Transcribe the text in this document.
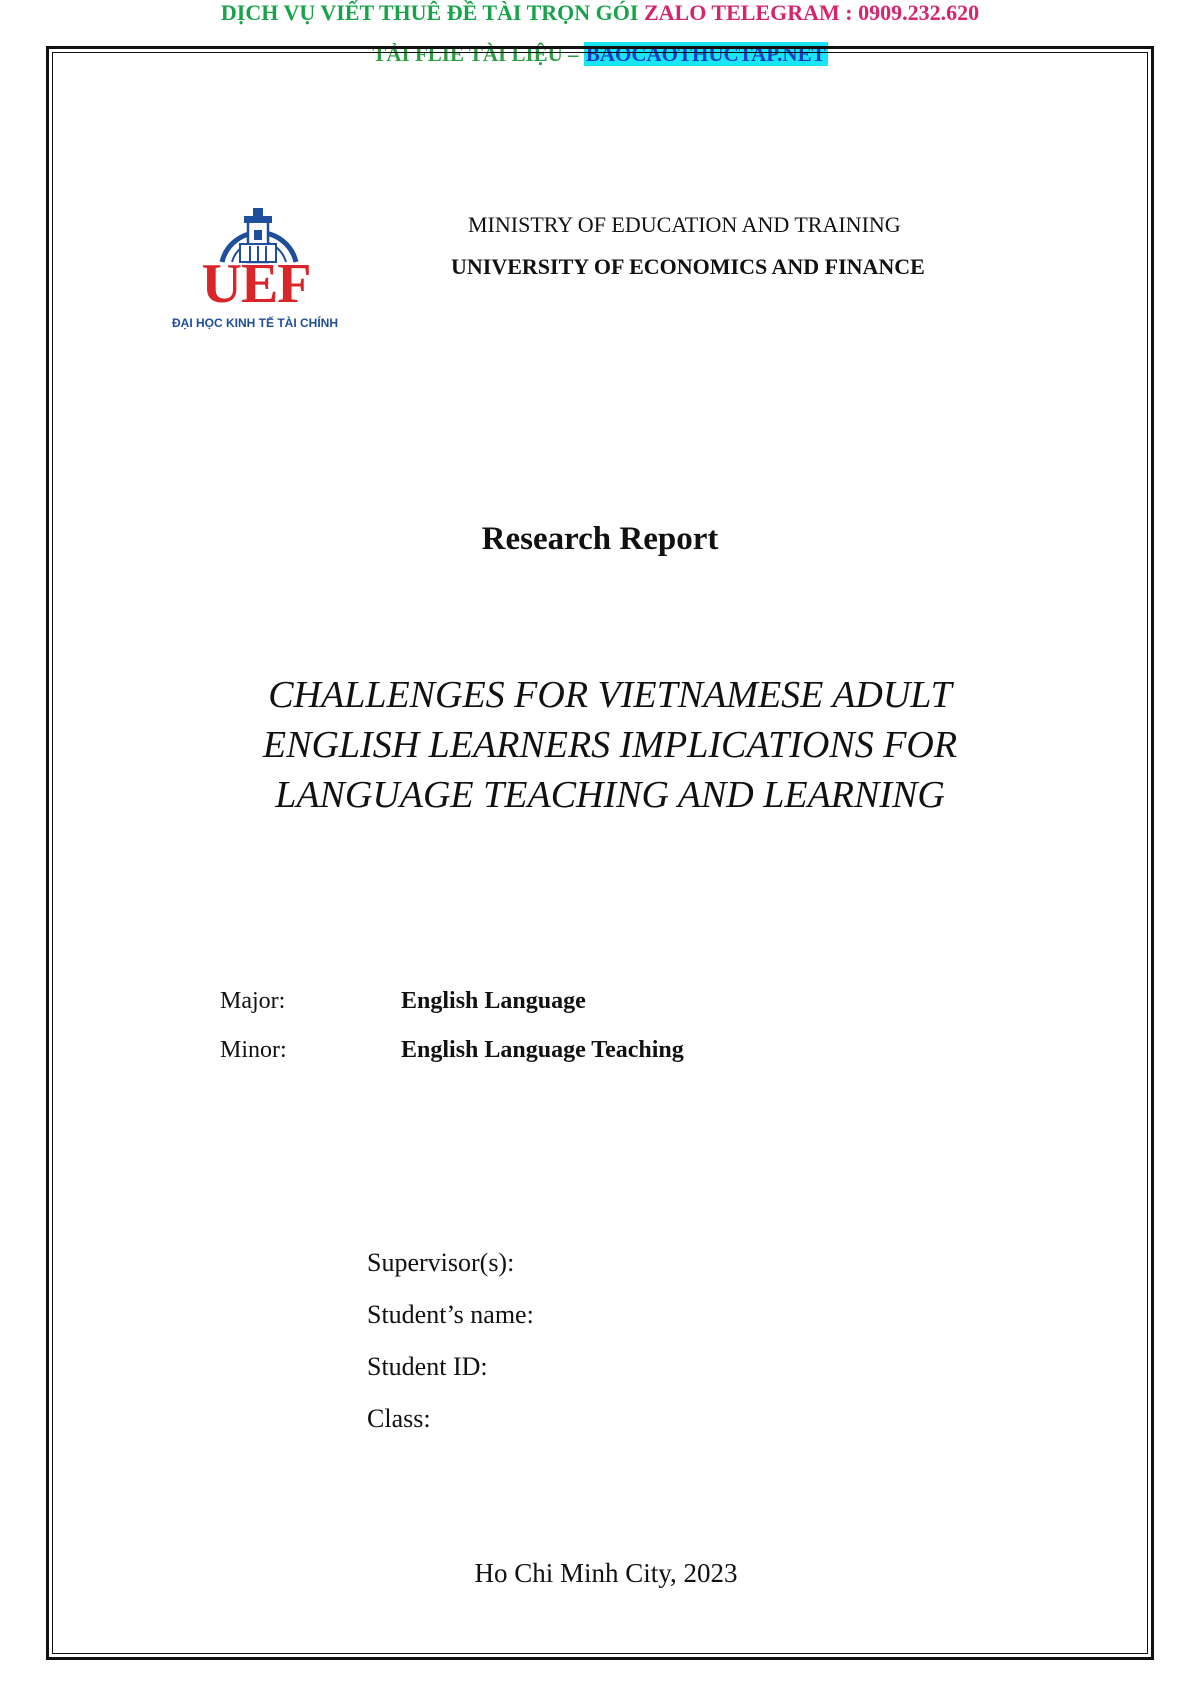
DỊCH VỤ VIẾT THUÊ ĐỀ TÀI TRỌN GÓI ZALO TELEGRAM : 0909.232.620
TẢI FLIE TÀI LIỆU – BAOCAOTHUCTAP.NET
UEF
ĐẠI HỌC KINH TẾ TÀI CHÍNH
MINISTRY OF EDUCATION AND TRAINING
UNIVERSITY OF ECONOMICS AND FINANCE
Research Report
CHALLENGES FOR VIETNAMESE ADULT
ENGLISH LEARNERS IMPLICATIONS FOR
LANGUAGE TEACHING AND LEARNING
Major:	English Language
Minor:	English Language Teaching
Supervisor(s):
Student’s name:
Student ID:
Class:
Ho Chi Minh City, 2023
